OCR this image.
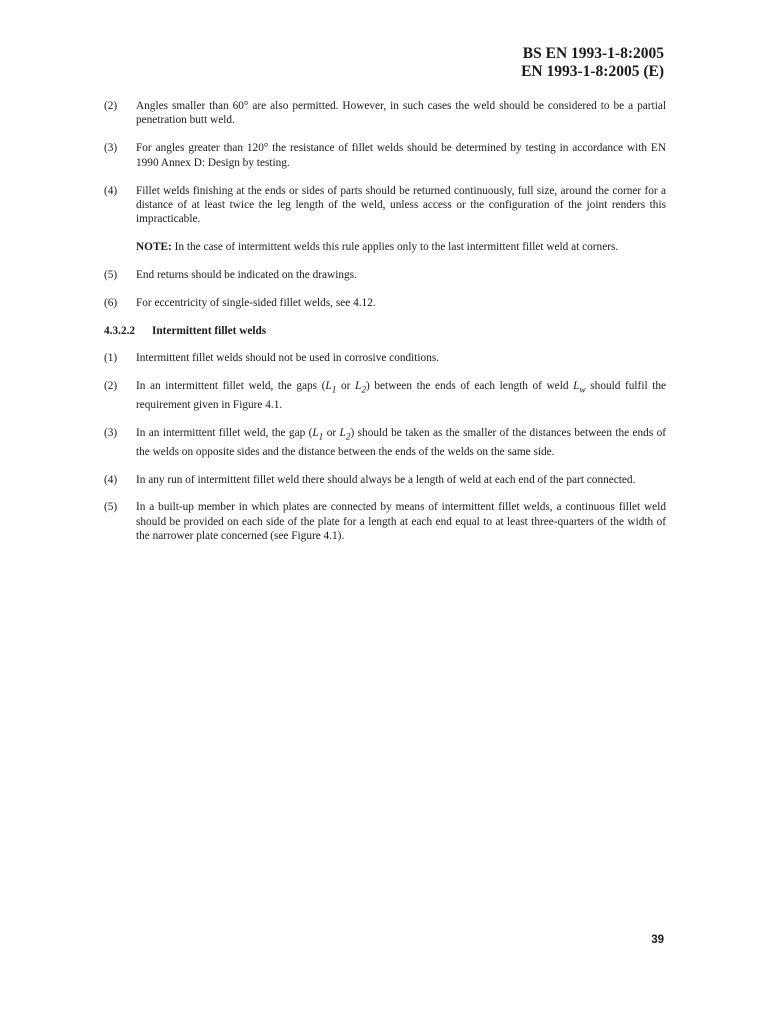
BS EN 1993-1-8:2005
EN 1993-1-8:2005 (E)
(2)	Angles smaller than 60° are also permitted. However, in such cases the weld should be considered to be a partial penetration butt weld.
(3)	For angles greater than 120° the resistance of fillet welds should be determined by testing in accordance with EN 1990 Annex D: Design by testing.
(4)	Fillet welds finishing at the ends or sides of parts should be returned continuously, full size, around the corner for a distance of at least twice the leg length of the weld, unless access or the configuration of the joint renders this impracticable.
NOTE: In the case of intermittent welds this rule applies only to the last intermittent fillet weld at corners.
(5)	End returns should be indicated on the drawings.
(6)	For eccentricity of single-sided fillet welds, see 4.12.
4.3.2.2	Intermittent fillet welds
(1)	Intermittent fillet welds should not be used in corrosive conditions.
(2)	In an intermittent fillet weld, the gaps ($L_1$ or $L_2$) between the ends of each length of weld $L_w$ should fulfil the requirement given in Figure 4.1.
(3)	In an intermittent fillet weld, the gap ($L_1$ or $L_2$) should be taken as the smaller of the distances between the ends of the welds on opposite sides and the distance between the ends of the welds on the same side.
(4)	In any run of intermittent fillet weld there should always be a length of weld at each end of the part connected.
(5)	In a built-up member in which plates are connected by means of intermittent fillet welds, a continuous fillet weld should be provided on each side of the plate for a length at each end equal to at least three-quarters of the width of the narrower plate concerned (see Figure 4.1).
39
